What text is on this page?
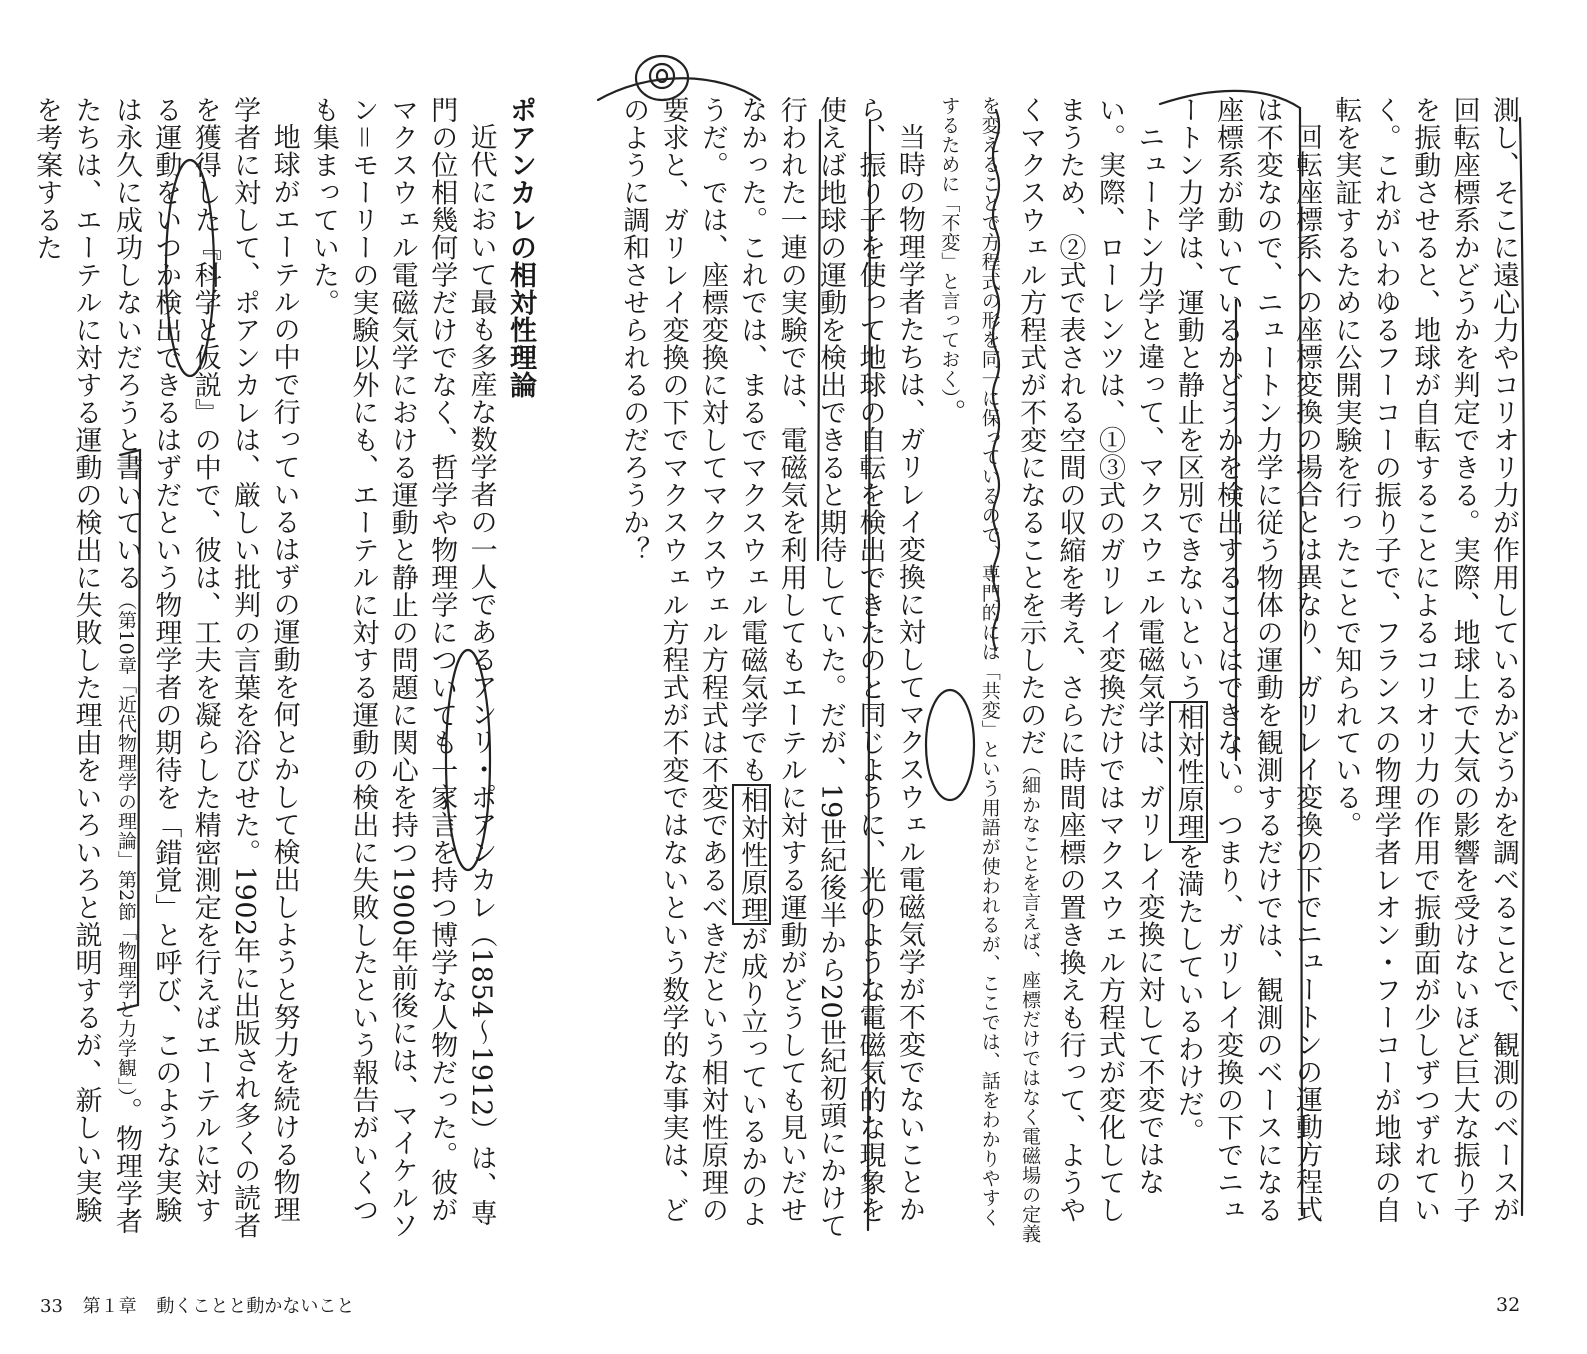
測し、そこに遠心力やコリオリ力が作用しているかどうかを調べることで、観測のベースが回転座標系かどうかを判定できる。実際、地球上で大気の影響を受けないほど巨大な振り子を振動させると、地球が自転することによるコリオリ力の作用で振動面が少しずつずれていく。これがいわゆるフーコーの振り子で、フランスの物理学者レオン・フーコーが地球の自転を実証するために公開実験を行ったことで知られている。

回転座標系への座標変換の場合とは異なり、ガリレイ変換の下でニュートンの運動方程式は不変なので、ニュートン力学に従う物体の運動を観測するだけでは、観測のベースになる座標系が動いているかどうかを検出することはできない。つまり、ガリレイ変換の下でニュートン力学は、運動と静止を区別できないという相対性原理を満たしているわけだ。

ニュートン力学と違って、マクスウェル電磁気学は、ガリレイ変換に対して不変ではない。実際、ローレンツは、①③式のガリレイ変換だけではマクスウェル方程式が変化してしまうため、②式で表される空間の収縮を考え、さらに時間座標の置き換えも行って、ようやくマクスウェル方程式が不変になることを示したのだ（細かなことを言えば、座標だけではなく電磁場の定義を変えることで方程式の形を同一に保っているので、専門的には「共変」という用語が使われるが、ここでは、話をわかりやすくするために「不変」と言っておく）。

当時の物理学者たちは、ガリレイ変換に対してマクスウェル電磁気学が不変でないことから、振り子を使って地球の自転を検出できたのと同じように、光のような電磁気的な現象を使えば地球の運動を検出できると期待していた。だが、19世紀後半から20世紀初頭にかけて行われた一連の実験では、電磁気を利用してもエーテルに対する運動がどうしても見いだせなかった。これでは、まるでマクスウェル電磁気学でも相対性原理が成り立っているかのようだ。では、座標変換に対してマクスウェル方程式は不変であるべきだという相対性原理の要求と、ガリレイ変換の下でマクスウェル方程式が不変ではないという数学的な事実は、どのように調和させられるのだろうか？

ポアンカレの相対性理論

近代において最も多産な数学者の一人であるアンリ・ポアンカレ（1854～1912）は、専門の位相幾何学だけでなく、哲学や物理学についても一家言を持つ博学な人物だった。彼がマクスウェル電磁気学における運動と静止の問題に関心を持つ1900年前後には、マイケルソン＝モーリーの実験以外にも、エーテルに対する運動の検出に失敗したという報告がいくつも集まっていた。

地球がエーテルの中で行っているはずの運動を何とかして検出しようと努力を続ける物理学者に対して、ポアンカレは、厳しい批判の言葉を浴びせた。1902年に出版され多くの読者を獲得した『科学と仮説』の中で、彼は、工夫を凝らした精密測定を行えばエーテルに対する運動をいつか検出できるはずだという物理学者の期待を「錯覚」と呼び、このような実験は永久に成功しないだろうと書いている（第10章「近代物理学の理論」第2節「物理学と力学観」）。物理学者たちは、エーテルに対する運動の検出に失敗した理由をいろいろと説明するが、新しい実験を考案するた

33 第１章 動くことと動かないこと	32
